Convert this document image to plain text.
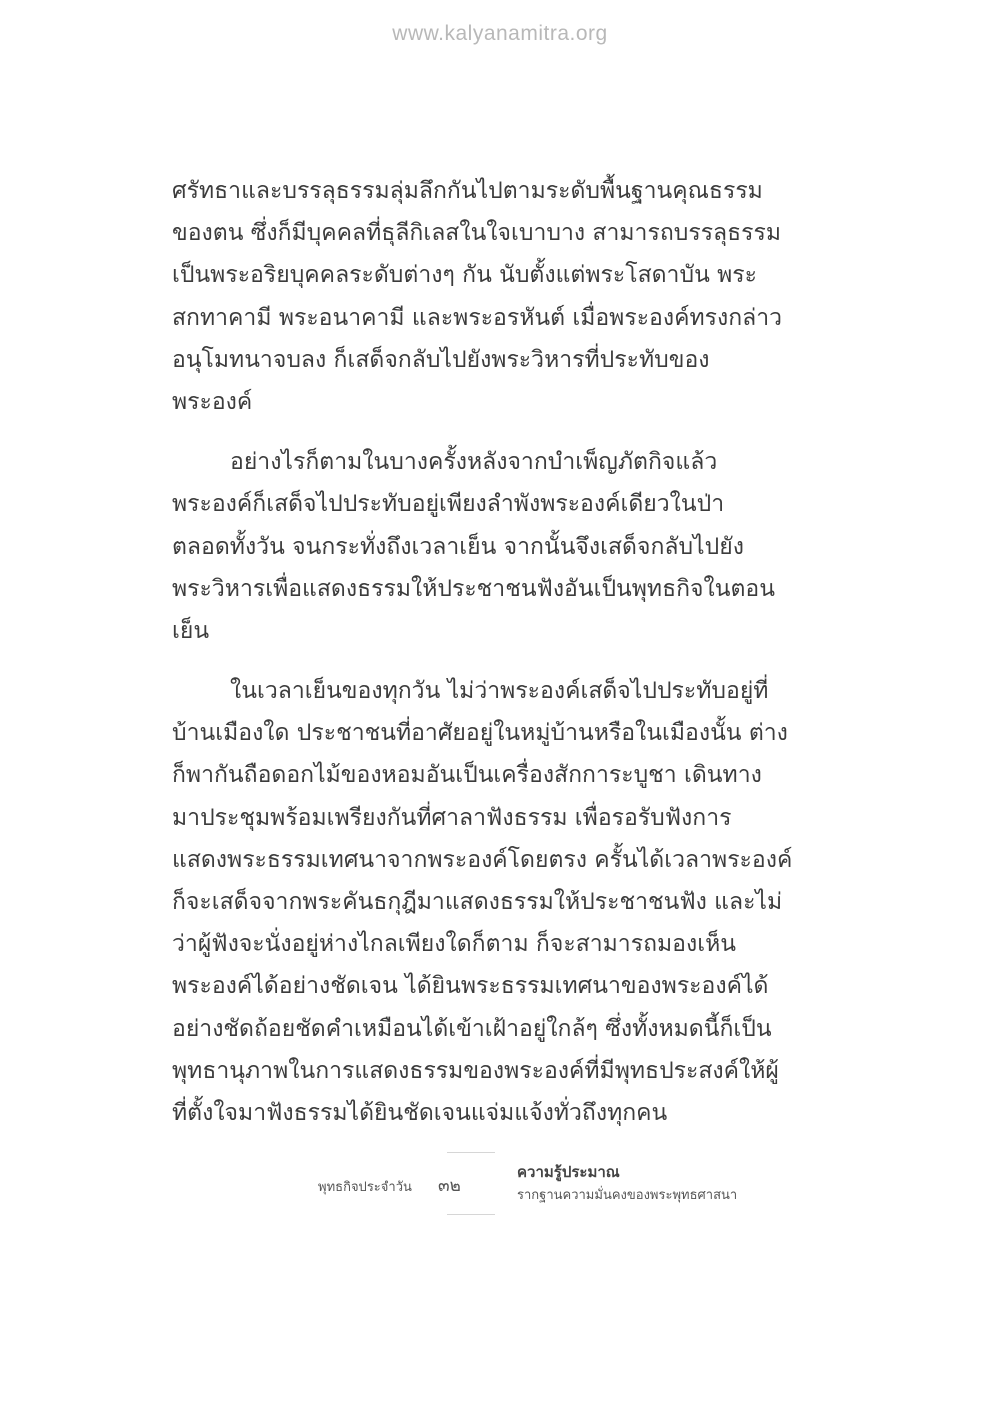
www.kalyanamitra.org
ศรัทธาและบรรลุธรรมลุ่มลึกกันไปตามระดับพื้นฐานคุณธรรม
ของตน ซึ่งก็มีบุคคลที่ธุลีกิเลสในใจเบาบาง สามารถบรรลุธรรม
เป็นพระอริยบุคคลระดับต่างๆ กัน นับตั้งแต่พระโสดาบัน พระ
สกทาคามี พระอนาคามี และพระอรหันต์ เมื่อพระองค์ทรงกล่าว
อนุโมทนาจบลง ก็เสด็จกลับไปยังพระวิหารที่ประทับของ
พระองค์
อย่างไรก็ตามในบางครั้งหลังจากบำเพ็ญภัตกิจแล้ว
พระองค์ก็เสด็จไปประทับอยู่เพียงลำพังพระองค์เดียวในป่า
ตลอดทั้งวัน จนกระทั่งถึงเวลาเย็น จากนั้นจึงเสด็จกลับไปยัง
พระวิหารเพื่อแสดงธรรมให้ประชาชนฟังอันเป็นพุทธกิจในตอน
เย็น
ในเวลาเย็นของทุกวัน ไม่ว่าพระองค์เสด็จไปประทับอยู่ที่
บ้านเมืองใด ประชาชนที่อาศัยอยู่ในหมู่บ้านหรือในเมืองนั้น ต่าง
ก็พากันถือดอกไม้ของหอมอันเป็นเครื่องสักการะบูชา เดินทาง
มาประชุมพร้อมเพรียงกันที่ศาลาฟังธรรม เพื่อรอรับฟังการ
แสดงพระธรรมเทศนาจากพระองค์โดยตรง ครั้นได้เวลาพระองค์
ก็จะเสด็จจากพระคันธกุฎีมาแสดงธรรมให้ประชาชนฟัง และไม่
ว่าผู้ฟังจะนั่งอยู่ห่างไกลเพียงใดก็ตาม ก็จะสามารถมองเห็น
พระองค์ได้อย่างชัดเจน ได้ยินพระธรรมเทศนาของพระองค์ได้
อย่างชัดถ้อยชัดคำเหมือนได้เข้าเฝ้าอยู่ใกล้ๆ ซึ่งทั้งหมดนี้ก็เป็น
พุทธานุภาพในการแสดงธรรมของพระองค์ที่มีพุทธประสงค์ให้ผู้
ที่ตั้งใจมาฟังธรรมได้ยินชัดเจนแจ่มแจ้งทั่วถึงทุกคน
พุทธกิจประจำวัน ๓๒
ความรู้ประมาณ
รากฐานความมั่นคงของพระพุทธศาสนา
